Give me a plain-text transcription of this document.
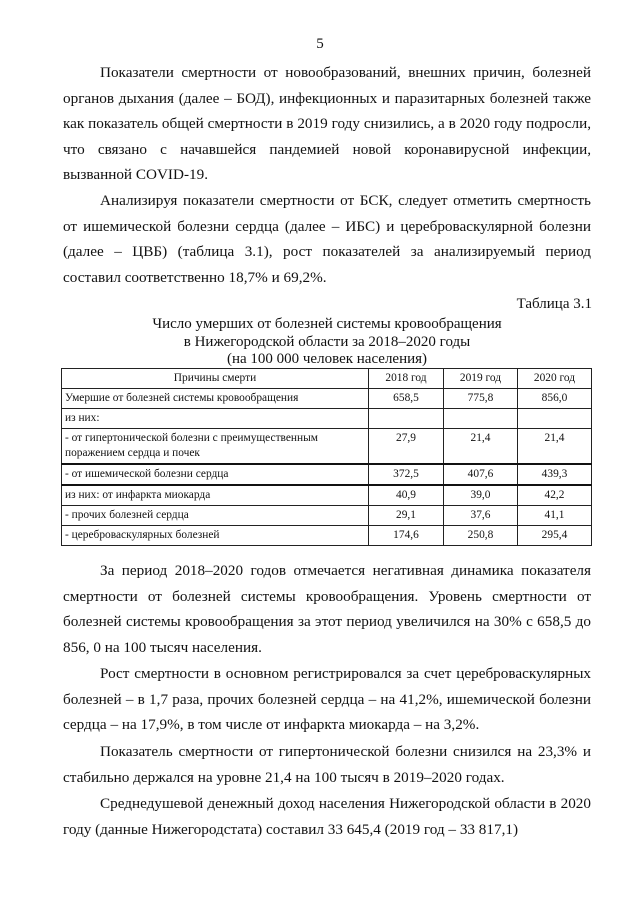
5

Показатели смертности от новообразований, внешних причин, болезней органов дыхания (далее – БОД), инфекционных и паразитарных болезней также как показатель общей смертности в 2019 году снизились, а в 2020 году подросли, что связано с начавшейся пандемией новой коронавирусной инфекции, вызванной COVID-19.

Анализируя показатели смертности от БСК, следует отметить смертность от ишемической болезни сердца (далее – ИБС) и цереброваскулярной болезни (далее – ЦВБ) (таблица 3.1), рост показателей за анализируемый период составил соответственно 18,7% и 69,2%.

Таблица 3.1
Число умерших от болезней системы кровообращения
в Нижегородской области за 2018–2020 годы
(на 100 000 человек населения)
Причины смерти	2018 год	2019 год	2020 год
Умершие от болезней системы кровообращения	658,5	775,8	856,0
из них:			
- от гипертонической болезни с преимущественным поражением сердца и почек	27,9	21,4	21,4
- от ишемической болезни сердца	372,5	407,6	439,3
из них: от инфаркта миокарда	40,9	39,0	42,2
- прочих болезней сердца	29,1	37,6	41,1
- цереброваскулярных болезней	174,6	250,8	295,4

За период 2018–2020 годов отмечается негативная динамика показателя смертности от болезней системы кровообращения. Уровень смертности от болезней системы кровообращения за этот период увеличился на 30% с 658,5 до 856, 0 на 100 тысяч населения.

Рост смертности в основном регистрировался за счет цереброваскулярных болезней – в 1,7 раза, прочих болезней сердца – на 41,2%, ишемической болезни сердца – на 17,9%, в том числе от инфаркта миокарда – на 3,2%.

Показатель смертности от гипертонической болезни снизился на 23,3% и стабильно держался на уровне 21,4 на 100 тысяч в 2019–2020 годах.

Среднедушевой денежный доход населения Нижегородской области в 2020 году (данные Нижегородстата) составил 33 645,4 (2019 год – 33 817,1)
